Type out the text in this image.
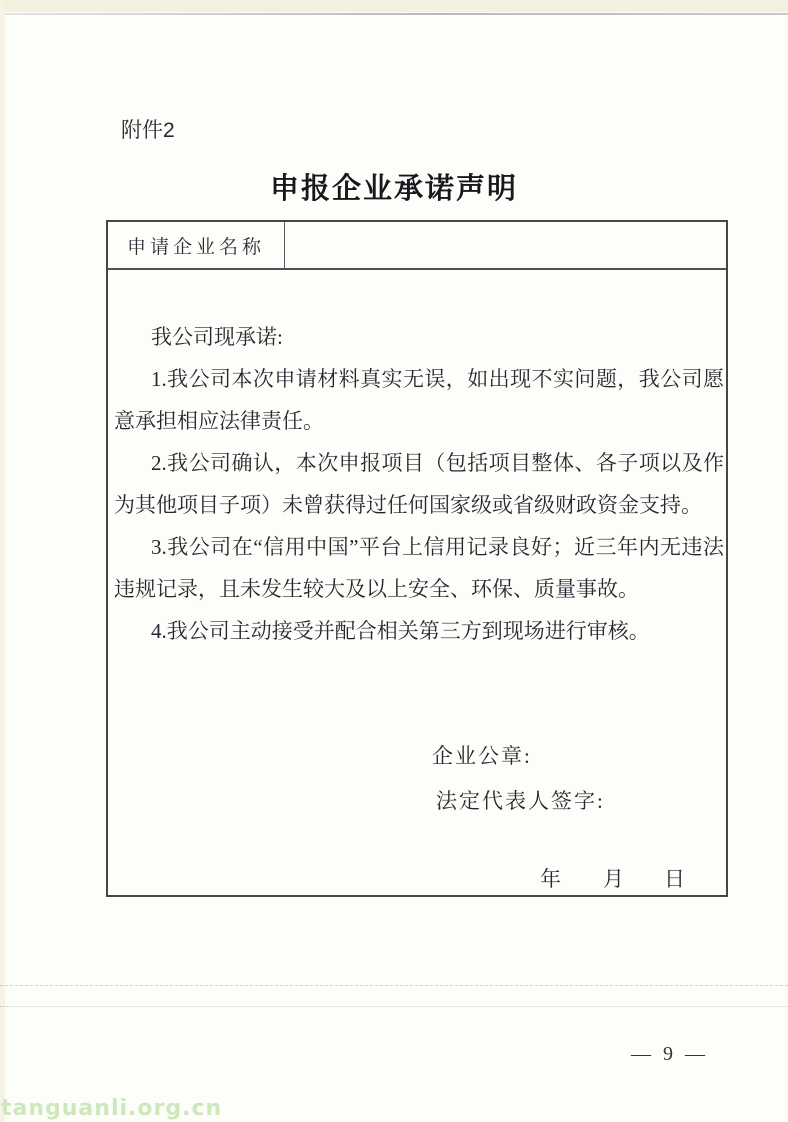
附件2
申报企业承诺声明
申请企业名称
我公司现承诺:
1.我公司本次申请材料真实无误，如出现不实问题，我公司愿
意承担相应法律责任。
2.我公司确认，本次申报项目（包括项目整体、各子项以及作
为其他项目子项）未曾获得过任何国家级或省级财政资金支持。
3.我公司在“信用中国”平台上信用记录良好；近三年内无违法
违规记录，且未发生较大及以上安全、环保、质量事故。
4.我公司主动接受并配合相关第三方到现场进行审核。
企业公章:
法定代表人签字:
年 月 日
— 9 —
tanguanli.org.cn
